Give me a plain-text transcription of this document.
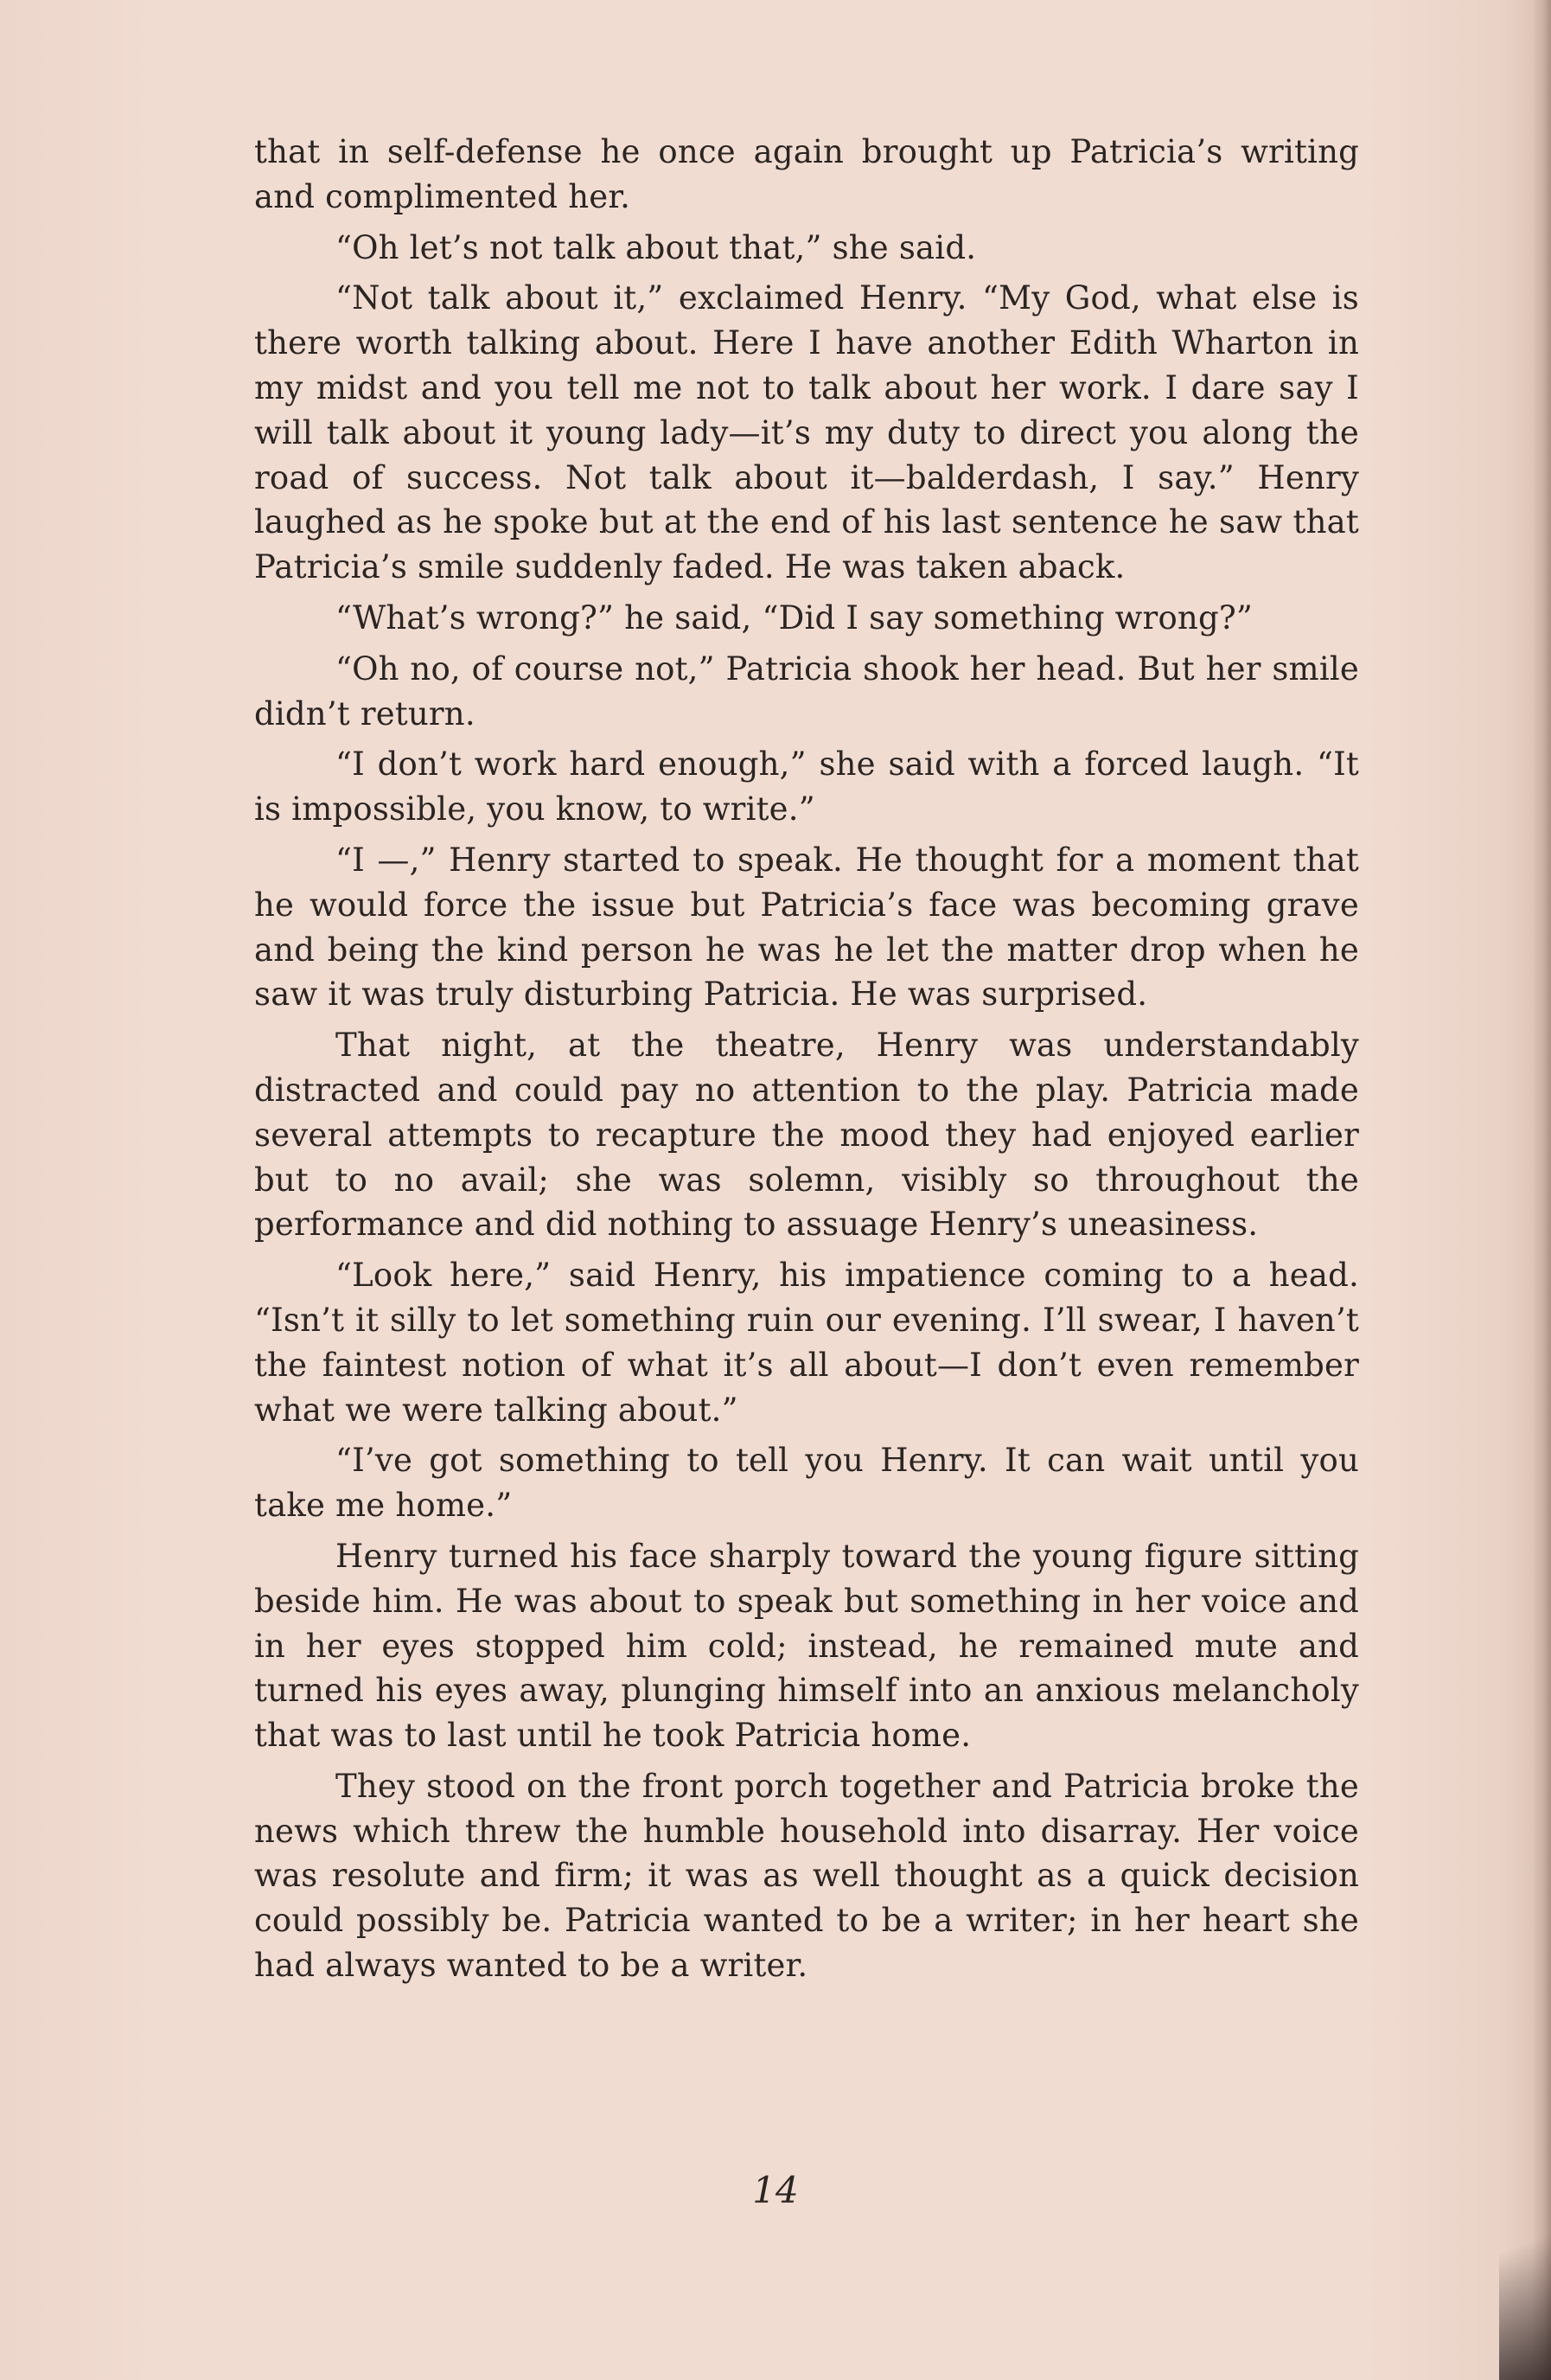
that in self-defense he once again brought up Patricia’s writing and complimented her.

“Oh let’s not talk about that,” she said.

“Not talk about it,” exclaimed Henry. “My God, what else is there worth talking about. Here I have another Edith Wharton in my midst and you tell me not to talk about her work. I dare say I will talk about it young lady—it’s my duty to direct you along the road of success. Not talk about it—balderdash, I say.” Henry laughed as he spoke but at the end of his last sentence he saw that Patricia’s smile suddenly faded. He was taken aback.

“What’s wrong?” he said, “Did I say something wrong?”

“Oh no, of course not,” Patricia shook her head. But her smile didn’t return.

“I don’t work hard enough,” she said with a forced laugh. “It is impossible, you know, to write.”

“I —,” Henry started to speak. He thought for a moment that he would force the issue but Patricia’s face was becoming grave and being the kind person he was he let the matter drop when he saw it was truly disturbing Patricia. He was surprised.

That night, at the theatre, Henry was understandably distracted and could pay no attention to the play. Patricia made several attempts to recapture the mood they had enjoyed earlier but to no avail; she was solemn, visibly so throughout the performance and did nothing to assuage Henry’s uneasiness.

“Look here,” said Henry, his impatience coming to a head. “Isn’t it silly to let something ruin our evening. I’ll swear, I haven’t the faintest notion of what it’s all about—I don’t even remember what we were talking about.”

“I’ve got something to tell you Henry. It can wait until you take me home.”

Henry turned his face sharply toward the young figure sitting beside him. He was about to speak but something in her voice and in her eyes stopped him cold; instead, he remained mute and turned his eyes away, plunging himself into an anxious melancholy that was to last until he took Patricia home.

They stood on the front porch together and Patricia broke the news which threw the humble household into disarray. Her voice was resolute and firm; it was as well thought as a quick decision could possibly be. Patricia wanted to be a writer; in her heart she had always wanted to be a writer.

14
